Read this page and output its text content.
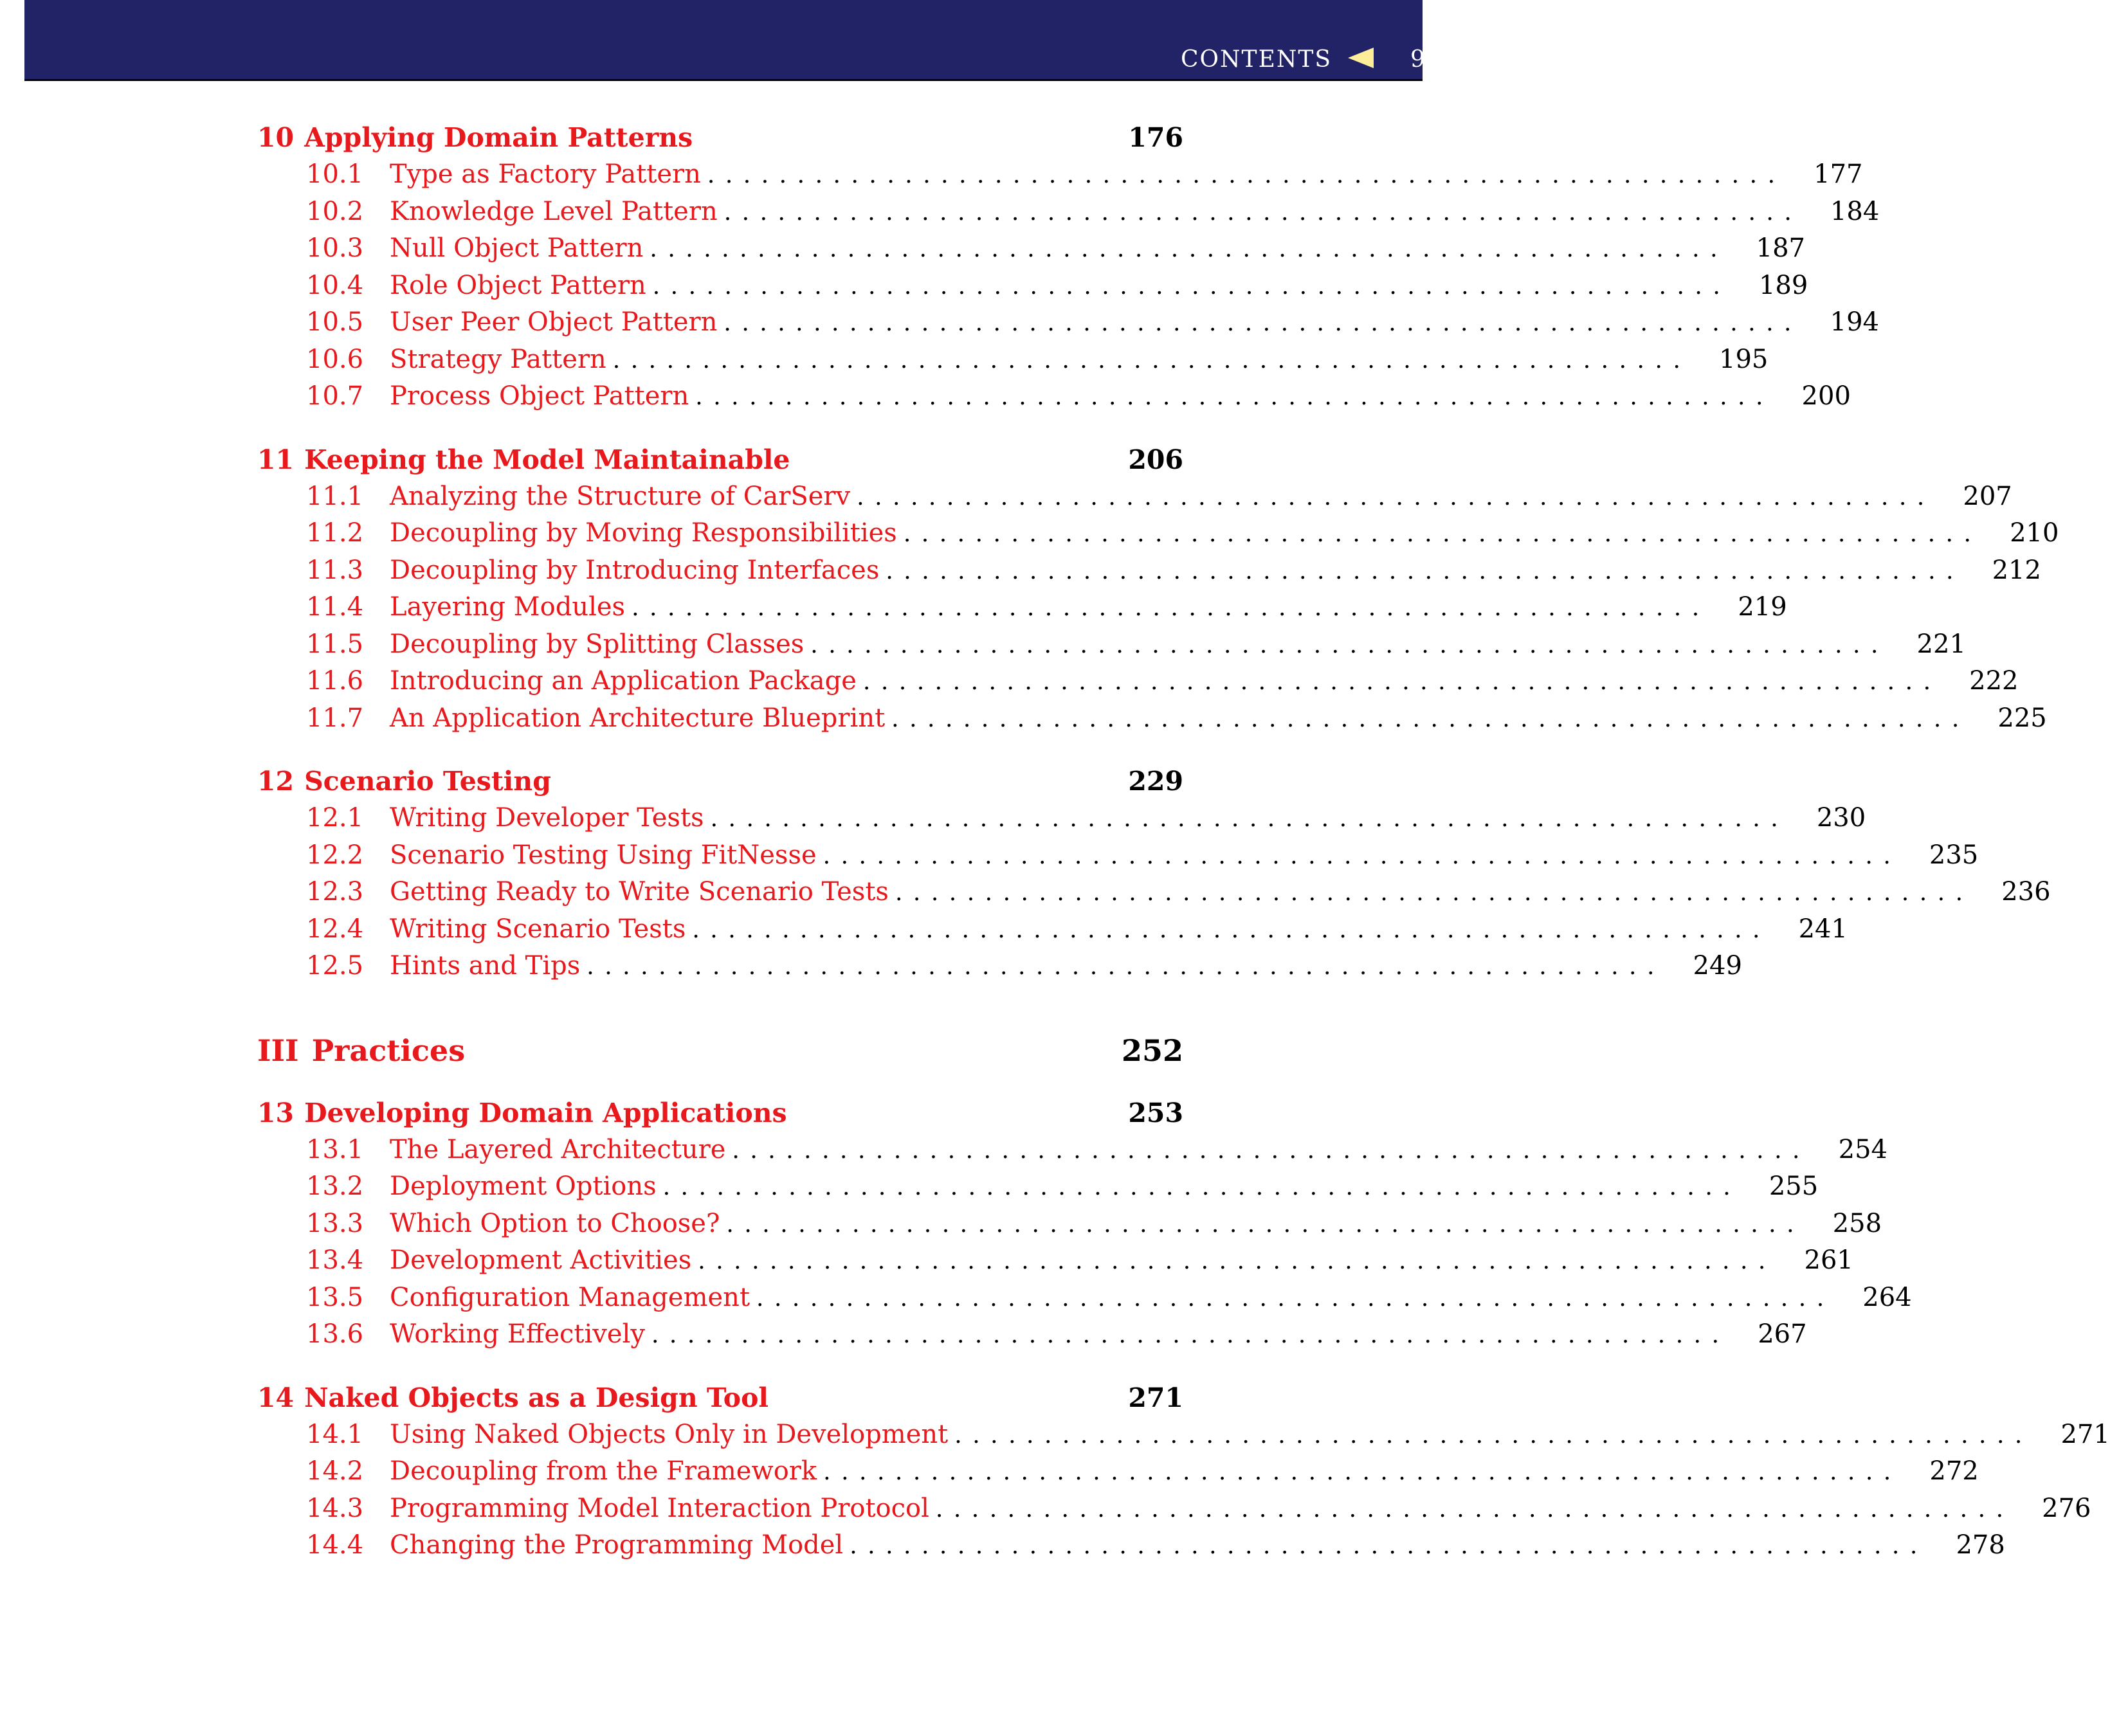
CONTENTS	9
10 Applying Domain Patterns	176
10.1	Type as Factory Pattern ............................................................	177
10.2	Knowledge Level Pattern ............................................................	184
10.3	Null Object Pattern ............................................................	187
10.4	Role Object Pattern ............................................................	189
10.5	User Peer Object Pattern ............................................................	194
10.6	Strategy Pattern ............................................................	195
10.7	Process Object Pattern ............................................................	200
11 Keeping the Model Maintainable	206
11.1	Analyzing the Structure of CarServ ............................................................	207
11.2	Decoupling by Moving Responsibilities ............................................................	210
11.3	Decoupling by Introducing Interfaces ............................................................	212
11.4	Layering Modules ............................................................	219
11.5	Decoupling by Splitting Classes ............................................................	221
11.6	Introducing an Application Package ............................................................	222
11.7	An Application Architecture Blueprint ............................................................	225
12 Scenario Testing	229
12.1	Writing Developer Tests ............................................................	230
12.2	Scenario Testing Using FitNesse ............................................................	235
12.3	Getting Ready to Write Scenario Tests ............................................................	236
12.4	Writing Scenario Tests ............................................................	241
12.5	Hints and Tips ............................................................	249
III Practices	252
13 Developing Domain Applications	253
13.1	The Layered Architecture ............................................................	254
13.2	Deployment Options ............................................................	255
13.3	Which Option to Choose? ............................................................	258
13.4	Development Activities ............................................................	261
13.5	Configuration Management ............................................................	264
13.6	Working Effectively ............................................................	267
14 Naked Objects as a Design Tool	271
14.1	Using Naked Objects Only in Development ............................................................	271
14.2	Decoupling from the Framework ............................................................	272
14.3	Programming Model Interaction Protocol ............................................................	276
14.4	Changing the Programming Model ............................................................	278
